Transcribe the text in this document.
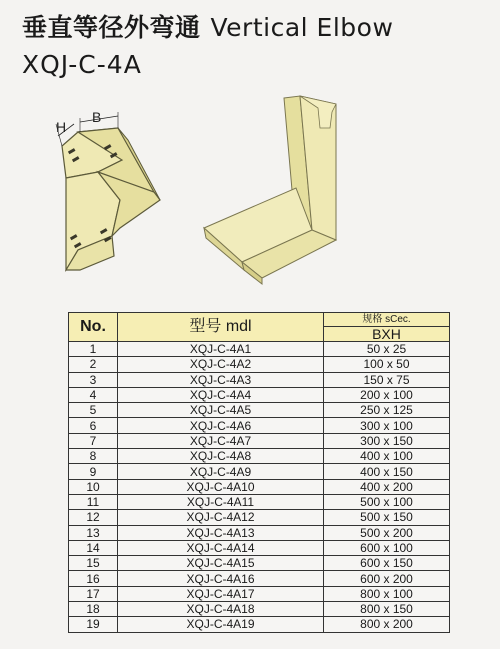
垂直等径外弯通 Vertical Elbow
XQJ-C-4A
H
B
No.	型号 mdl	规格 sCec.
		BXH
1	XQJ-C-4A1	50 x 25
2	XQJ-C-4A2	100 x 50
3	XQJ-C-4A3	150 x 75
4	XQJ-C-4A4	200 x 100
5	XQJ-C-4A5	250 x 125
6	XQJ-C-4A6	300 x 100
7	XQJ-C-4A7	300 x 150
8	XQJ-C-4A8	400 x 100
9	XQJ-C-4A9	400 x 150
10	XQJ-C-4A10	400 x 200
11	XQJ-C-4A11	500 x 100
12	XQJ-C-4A12	500 x 150
13	XQJ-C-4A13	500 x 200
14	XQJ-C-4A14	600 x 100
15	XQJ-C-4A15	600 x 150
16	XQJ-C-4A16	600 x 200
17	XQJ-C-4A17	800 x 100
18	XQJ-C-4A18	800 x 150
19	XQJ-C-4A19	800 x 200
